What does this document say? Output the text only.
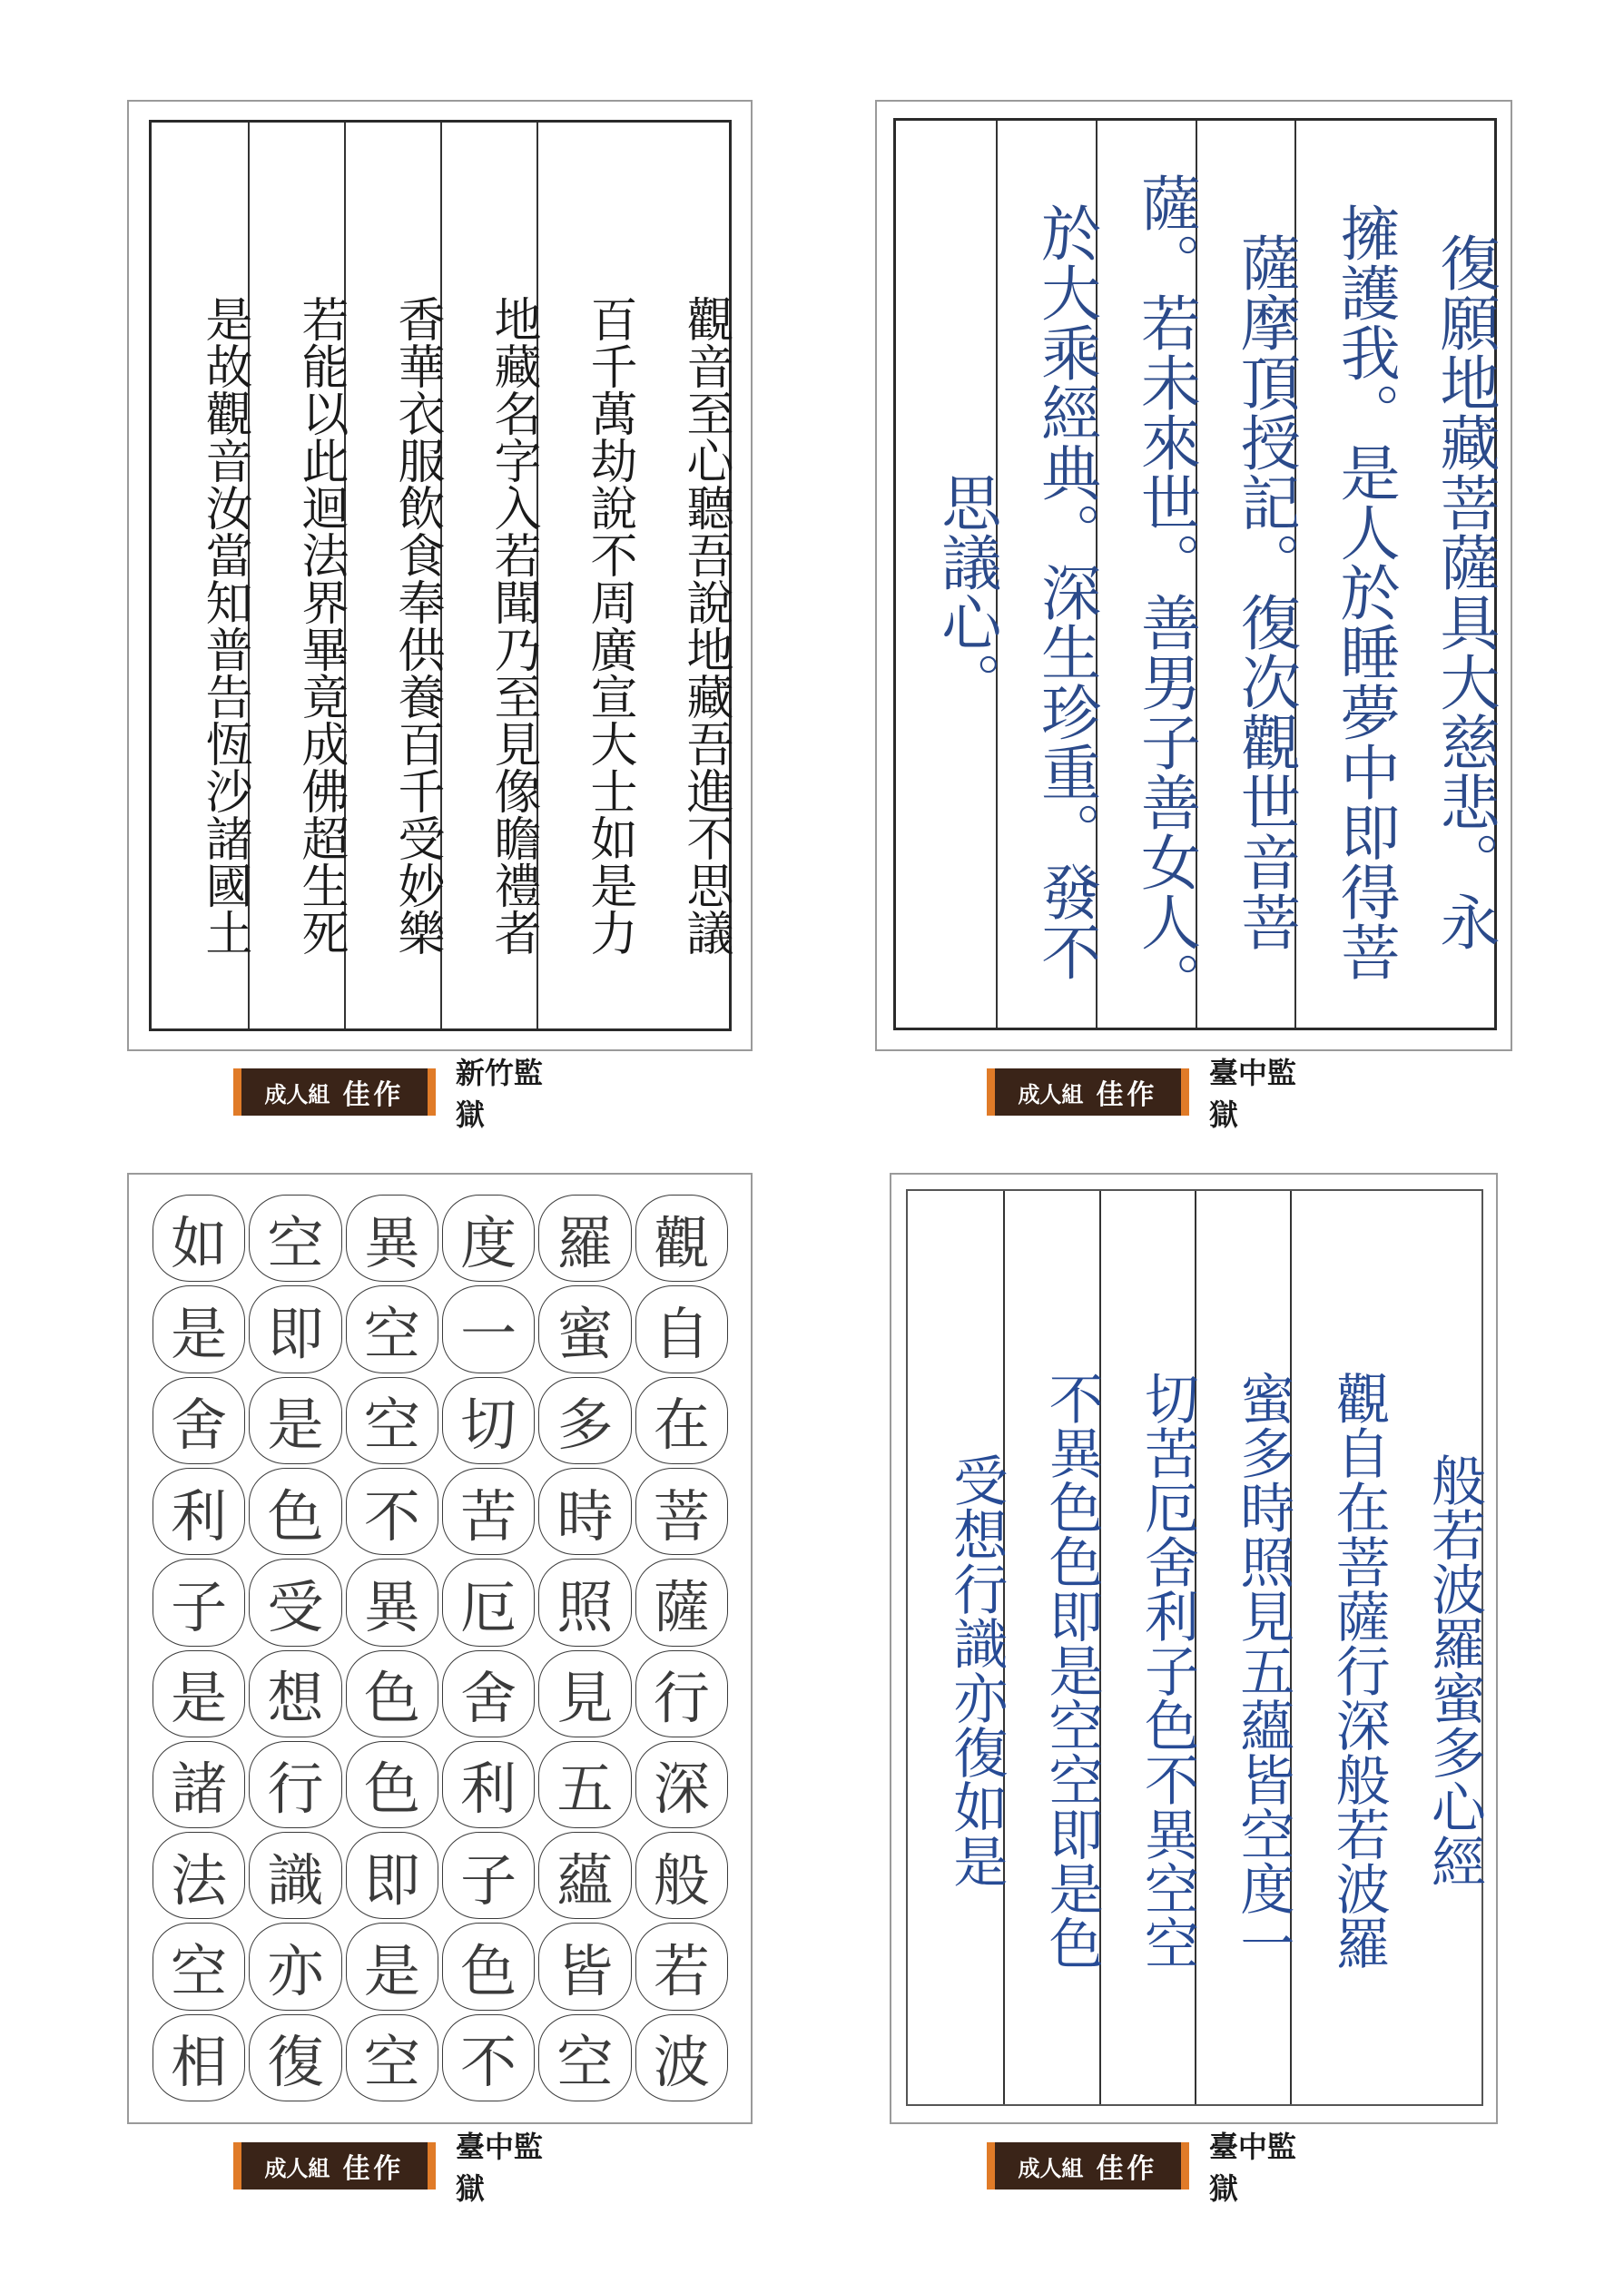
觀音至心聽吾說地藏吾進不思議
百千萬劫說不周廣宣大士如是力
地藏名字入若聞乃至見像瞻禮者
香華衣服飲食奉供養百千受妙樂
若能以此迴法界畢竟成佛超生死
是故觀音汝當知普告恆沙諸國土
成人組 佳作
新竹監獄
復願地藏菩薩具大慈悲。永
擁護我。是人於睡夢中即得菩
薩摩頂授記。復次觀世音菩
薩。若未來世。善男子善女人。
於大乘經典。深生珍重。發不
思議心。
成人組 佳作
臺中監獄
如 空 異 度 羅 觀
是 即 空 一 蜜 自
舍 是 空 切 多 在
利 色 不 苦 時 菩
子 受 異 厄 照 薩
是 想 色 舍 見 行
諸 行 色 利 五 深
法 識 即 子 蘊 般
空 亦 是 色 皆 若
相 復 空 不 空 波
成人組 佳作
臺中監獄
般若波羅蜜多心經
觀自在菩薩行深般若波羅
蜜多時照見五蘊皆空度一
切苦厄舍利子色不異空空
不異色色即是空空即是色
受想行識亦復如是
成人組 佳作
臺中監獄
